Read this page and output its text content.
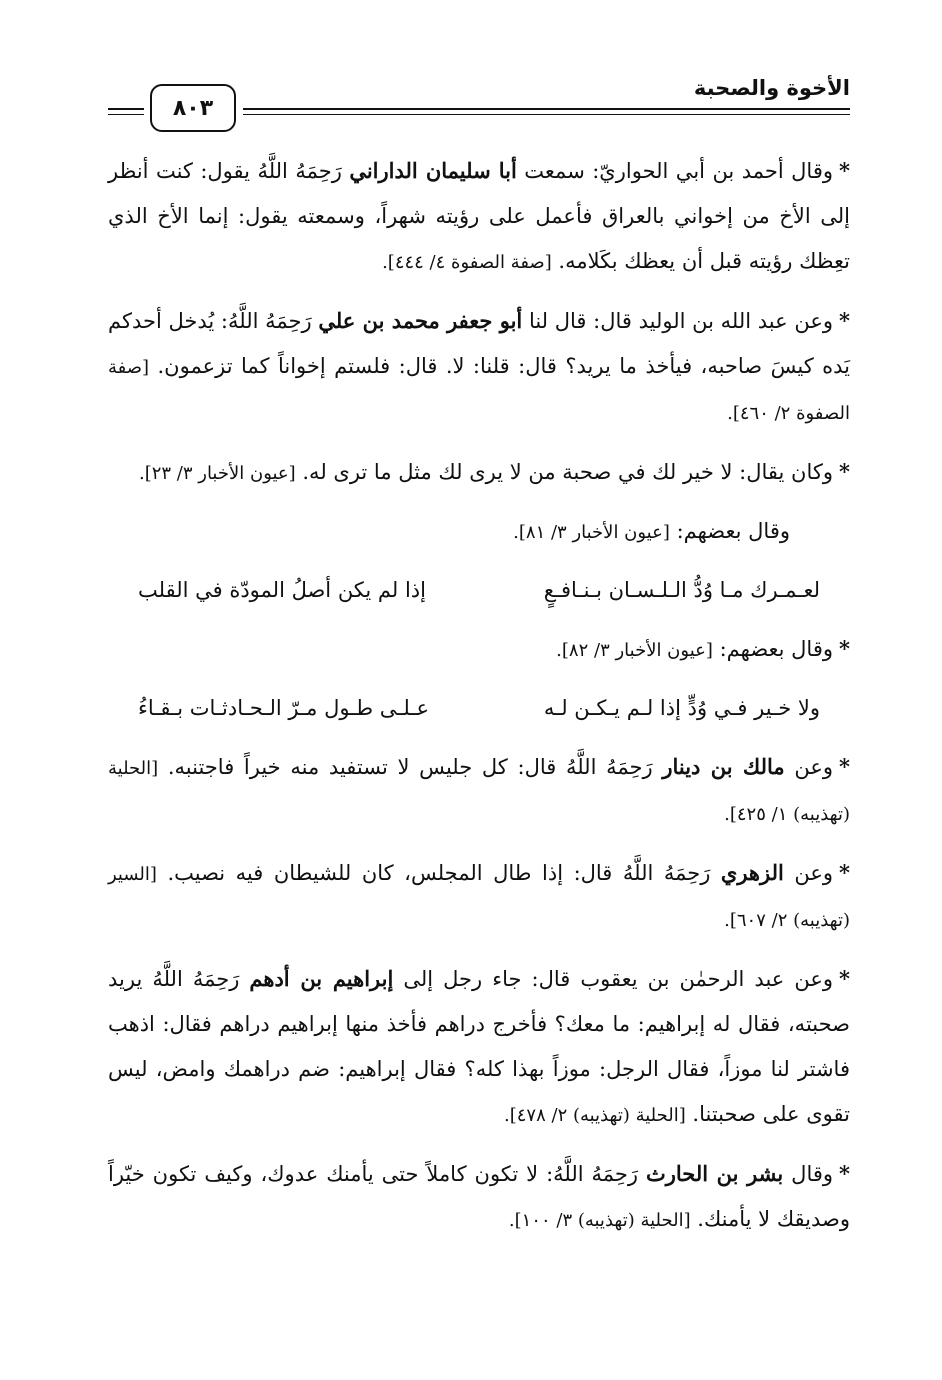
الأخوة والصحبة
٨٠٣

*وقال أحمد بن أبي الحواريّ: سمعت أبا سليمان الداراني رَحِمَهُ اللَّهُ يقول: كنت أنظر إلى الأخ من إخواني بالعراق فأعمل على رؤيته شهراً، وسمعته يقول: إنما الأخ الذي تعِظك رؤيته قبل أن يعظك بكَلامه. [صفة الصفوة ٤/ ٤٤٤].

*وعن عبد الله بن الوليد قال: قال لنا أبو جعفر محمد بن علي رَحِمَهُ اللَّهُ: يُدخل أحدكم يَده كيسَ صاحبه، فيأخذ ما يريد؟ قال: قلنا: لا. قال: فلستم إخواناً كما تزعمون. [صفة الصفوة ٢/ ٤٦٠].

*وكان يقال: لا خير لك في صحبة من لا يرى لك مثل ما ترى له. [عيون الأخبار ٣/ ٢٣].

وقال بعضهم: [عيون الأخبار ٣/ ٨١].

لعـمـرك مـا وُدُّ الـلـسـان بـنـافـعٍ
إذا لم يكن أصلُ المودّة في القلب

*وقال بعضهم: [عيون الأخبار ٣/ ٨٢].

ولا خـير فـي وُدٍّ إذا لـم يـكـن لـه
عـلـى طـول مـرّ الـحـادثـات بـقـاءُ

*وعن مالك بن دينار رَحِمَهُ اللَّهُ قال: كل جليس لا تستفيد منه خيراً فاجتنبه. [الحلية (تهذيبه) ١/ ٤٢٥].

*وعن الزهري رَحِمَهُ اللَّهُ قال: إذا طال المجلس، كان للشيطان فيه نصيب. [السير (تهذيبه) ٢/ ٦٠٧].

*وعن عبد الرحمٰن بن يعقوب قال: جاء رجل إلى إبراهيم بن أدهم رَحِمَهُ اللَّهُ يريد صحبته، فقال له إبراهيم: ما معك؟ فأخرج دراهم فأخذ منها إبراهيم دراهم فقال: اذهب فاشتر لنا موزاً، فقال الرجل: موزاً بهذا كله؟ فقال إبراهيم: ضم دراهمك وامض، ليس تقوى على صحبتنا. [الحلية (تهذيبه) ٢/ ٤٧٨].

*وقال بشر بن الحارث رَحِمَهُ اللَّهُ: لا تكون كاملاً حتى يأمنك عدوك، وكيف تكون خيّراً وصديقك لا يأمنك. [الحلية (تهذيبه) ٣/ ١٠٠].
